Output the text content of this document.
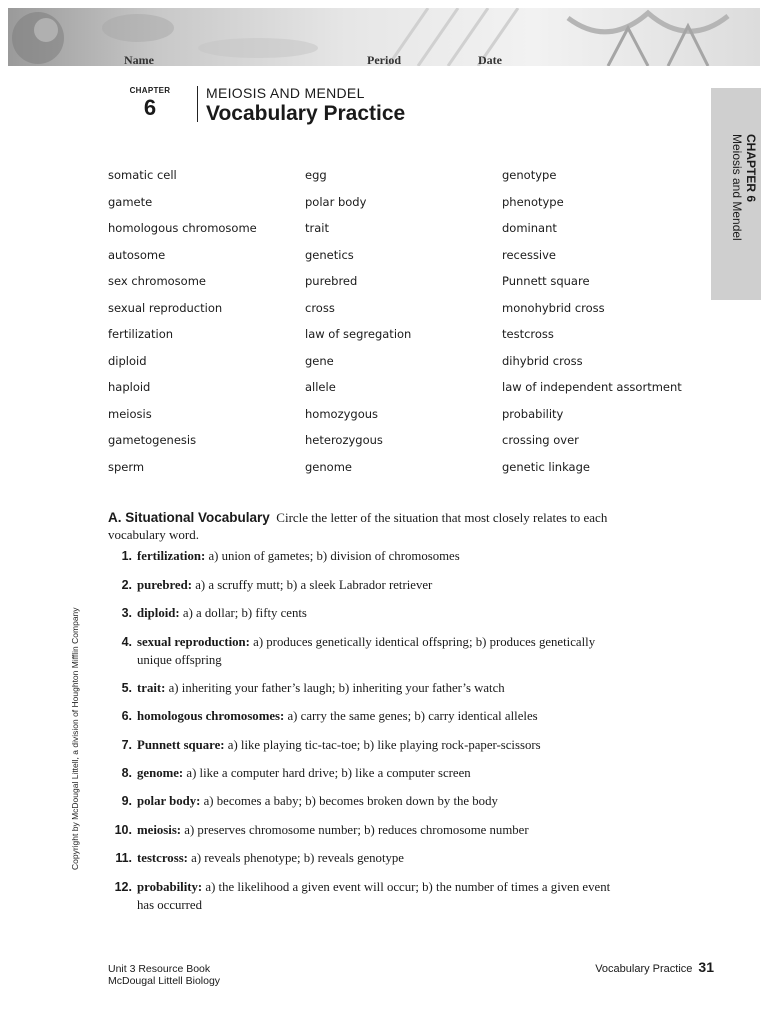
Name	Period	Date
CHAPTER
6
MEIOSIS AND MENDEL
Vocabulary Practice
CHAPTER 6
Meiosis and Mendel
somatic cell
gamete
homologous chromosome
autosome
sex chromosome
sexual reproduction
fertilization
diploid
haploid
meiosis
gametogenesis
sperm
egg
polar body
trait
genetics
purebred
cross
law of segregation
gene
allele
homozygous
heterozygous
genome
genotype
phenotype
dominant
recessive
Punnett square
monohybrid cross
testcross
dihybrid cross
law of independent assortment
probability
crossing over
genetic linkage
Copyright by McDougal Littell, a division of Houghton Mifflin Company
A. Situational Vocabulary Circle the letter of the situation that most closely relates to each vocabulary word.
1. fertilization: a) union of gametes; b) division of chromosomes
2. purebred: a) a scruffy mutt; b) a sleek Labrador retriever
3. diploid: a) a dollar; b) fifty cents
4. sexual reproduction: a) produces genetically identical offspring; b) produces genetically unique offspring
5. trait: a) inheriting your father’s laugh; b) inheriting your father’s watch
6. homologous chromosomes: a) carry the same genes; b) carry identical alleles
7. Punnett square: a) like playing tic-tac-toe; b) like playing rock-paper-scissors
8. genome: a) like a computer hard drive; b) like a computer screen
9. polar body: a) becomes a baby; b) becomes broken down by the body
10. meiosis: a) preserves chromosome number; b) reduces chromosome number
11. testcross: a) reveals phenotype; b) reveals genotype
12. probability: a) the likelihood a given event will occur; b) the number of times a given event has occurred
Unit 3 Resource Book
McDougal Littell Biology
Vocabulary Practice 31
